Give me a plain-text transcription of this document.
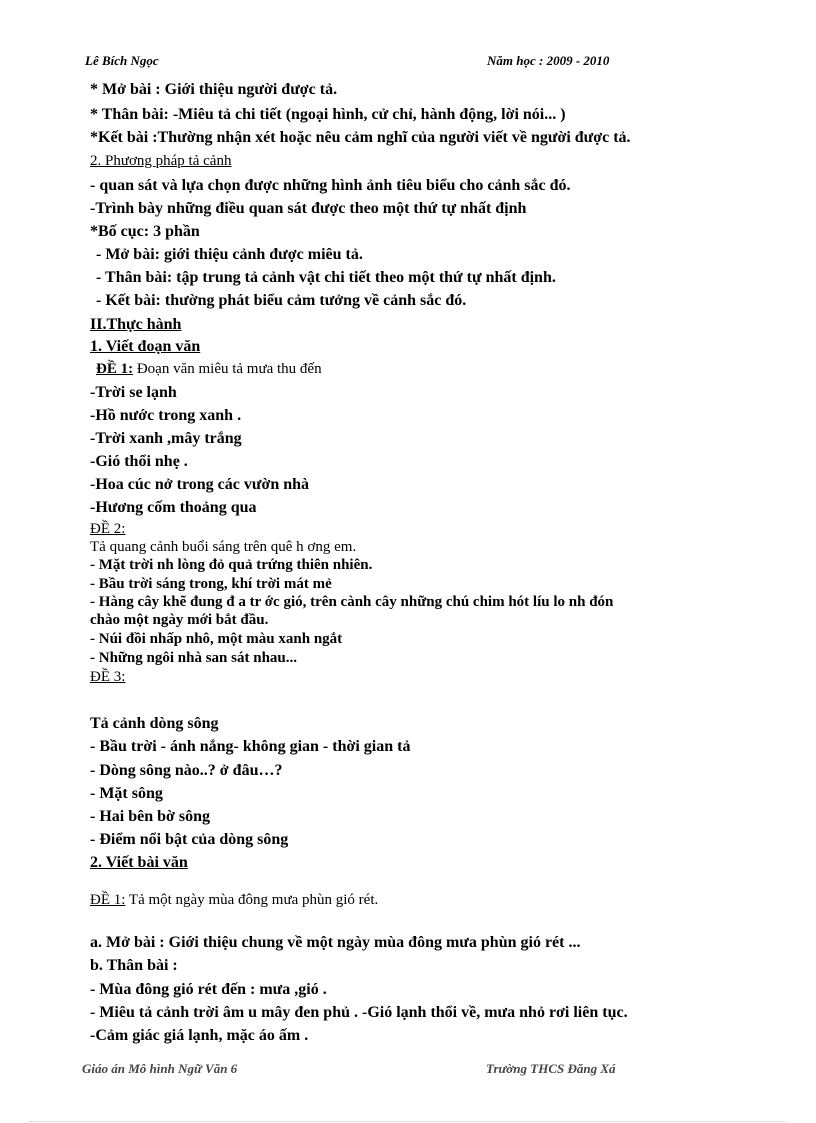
Lê Bích Ngọc	Năm học : 2009 - 2010
* Mở bài : Giới thiệu người được tả.
* Thân bài: -Miêu tả chi tiết (ngoại hình, cử chỉ, hành động, lời nói... )
*Kết bài :Thường nhận xét hoặc nêu cảm nghĩ của người viết về người được tả.
2. Phương pháp tả cảnh
- quan sát và lựa chọn được những hình ảnh tiêu biểu cho cảnh sắc đó.
-Trình bày những điều quan sát được theo một thứ tự nhất định
*Bố cục: 3 phần
- Mở bài: giới thiệu cảnh được miêu tả.
- Thân bài: tập trung tả cảnh vật chi tiết theo một thứ tự nhất định.
- Kết bài: thường phát biểu cảm tưởng về cảnh sắc đó.
II.Thực hành
1. Viết đoạn văn
ĐỀ 1: Đoạn văn miêu tả mưa thu đến
-Trời se lạnh
-Hồ nước trong xanh .
-Trời xanh ,mây trắng
-Gió thổi nhẹ .
-Hoa cúc nở trong các vườn nhà
-Hương cốm thoảng qua
ĐỀ 2:
Tả quang cảnh buổi sáng trên quê h ơng em.
- Mặt trời nh lòng đỏ quả trứng thiên nhiên.
- Bầu trời sáng trong, khí trời mát mẻ
- Hàng cây khẽ đung đ a tr ớc gió, trên cành cây những chú chim hót líu lo nh đón
chào một ngày mới bắt đầu.
- Núi đồi nhấp nhô, một màu xanh ngắt
- Những ngôi nhà san sát nhau...
ĐỀ 3:
Tả cảnh dòng sông
- Bầu trời - ánh nắng- không gian - thời gian tả
- Dòng sông nào..? ở đâu…?
- Mặt sông
- Hai bên bờ sông
- Điểm nổi bật của dòng sông
2. Viết bài văn
ĐỀ 1: Tả một ngày mùa đông mưa phùn gió rét.
a. Mở bài : Giới thiệu chung về một ngày mùa đông mưa phùn gió rét ...
b. Thân bài :
- Mùa đông gió rét đến : mưa ,gió .
- Miêu tả cảnh trời âm u mây đen phủ . -Gió lạnh thổi về, mưa nhỏ rơi liên tục.
-Cảm giác giá lạnh, mặc áo ấm .
Giáo án Mô hình Ngữ Văn 6	Trường THCS Đăng Xá
